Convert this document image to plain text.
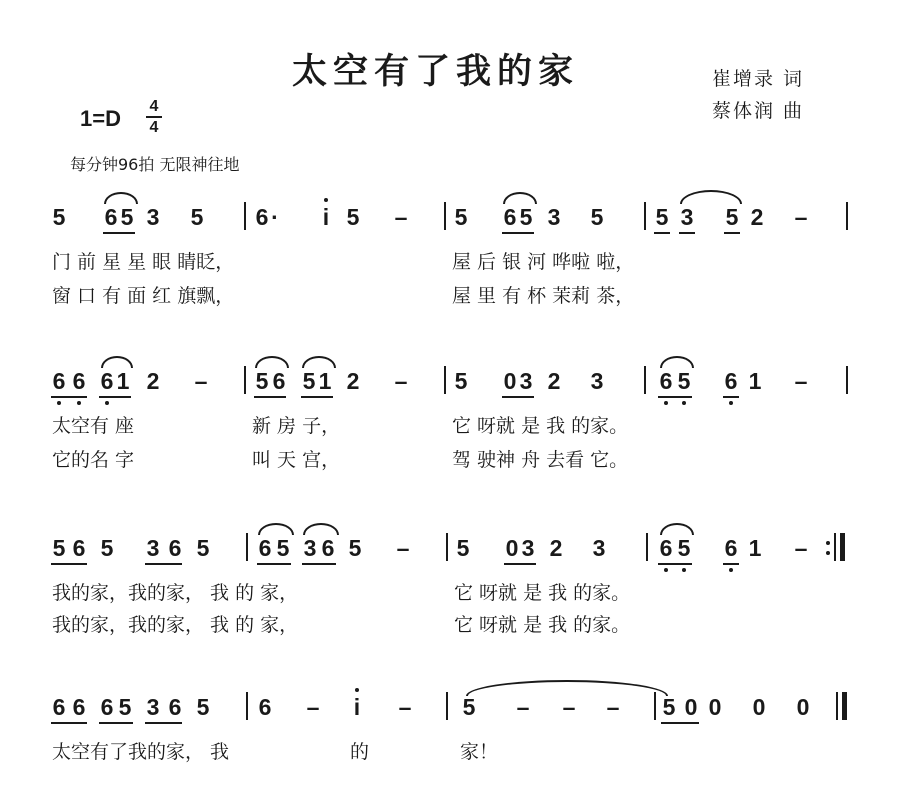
太空有了我的家	崔增录 词
蔡体润 曲
1=D 4
4
每分钟96拍 无限神往地
5 6 5 3 5 6 · i 5 – 5 6 5 3 5 5 3 5 2 –
门 前 星 星 眼 睛眨，	屋 后 银 河 哗啦 啦，
窗 口 有 面 红 旗飘，	屋 里 有 杯 茉莉 茶，
6 6 6 1 2 – 5 6 5 1 2 – 5 0 3 2 3 6 5 6 1 –
太空有 座	新 房 子，	它 呀就 是 我 的家。
它的名 字	叫 天 宫，	驾 驶神 舟 去看 它。
5 6 5 3 6 5 6 5 3 6 5 – 5 0 3 2 3 6 5 6 1 –
我的家，我的家， 我 的 家，	它 呀就 是 我 的家。
我的家，我的家， 我 的 家，	它 呀就 是 我 的家。
6 6 6 5 3 6 5 6 – i – 5 – – – 5 0 0 0 0
太空有了我的家， 我	的	家！
